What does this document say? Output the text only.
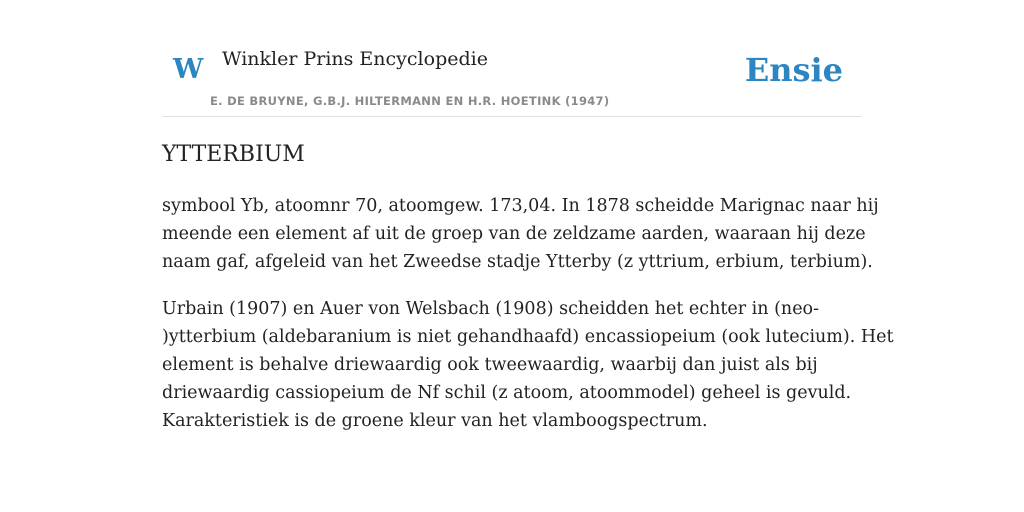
W Winkler Prins Encyclopedie
E. DE BRUYNE, G.B.J. HILTERMANN EN H.R. HOETINK (1947)
Ensie
YTTERBIUM

symbool Yb, atoomnr 70, atoomgew. 173,04. In 1878 scheidde Marignac naar hij
meende een element af uit de groep van de zeldzame aarden, waaraan hij deze
naam gaf, afgeleid van het Zweedse stadje Ytterby (z yttrium, erbium, terbium).

Urbain (1907) en Auer von Welsbach (1908) scheidden het echter in (neo-
)ytterbium (aldebaranium is niet gehandhaafd) encassiopeium (ook lutecium). Het
element is behalve driewaardig ook tweewaardig, waarbij dan juist als bij
driewaardig cassiopeium de Nf schil (z atoom, atoommodel) geheel is gevuld.
Karakteristiek is de groene kleur van het vlamboogspectrum.
